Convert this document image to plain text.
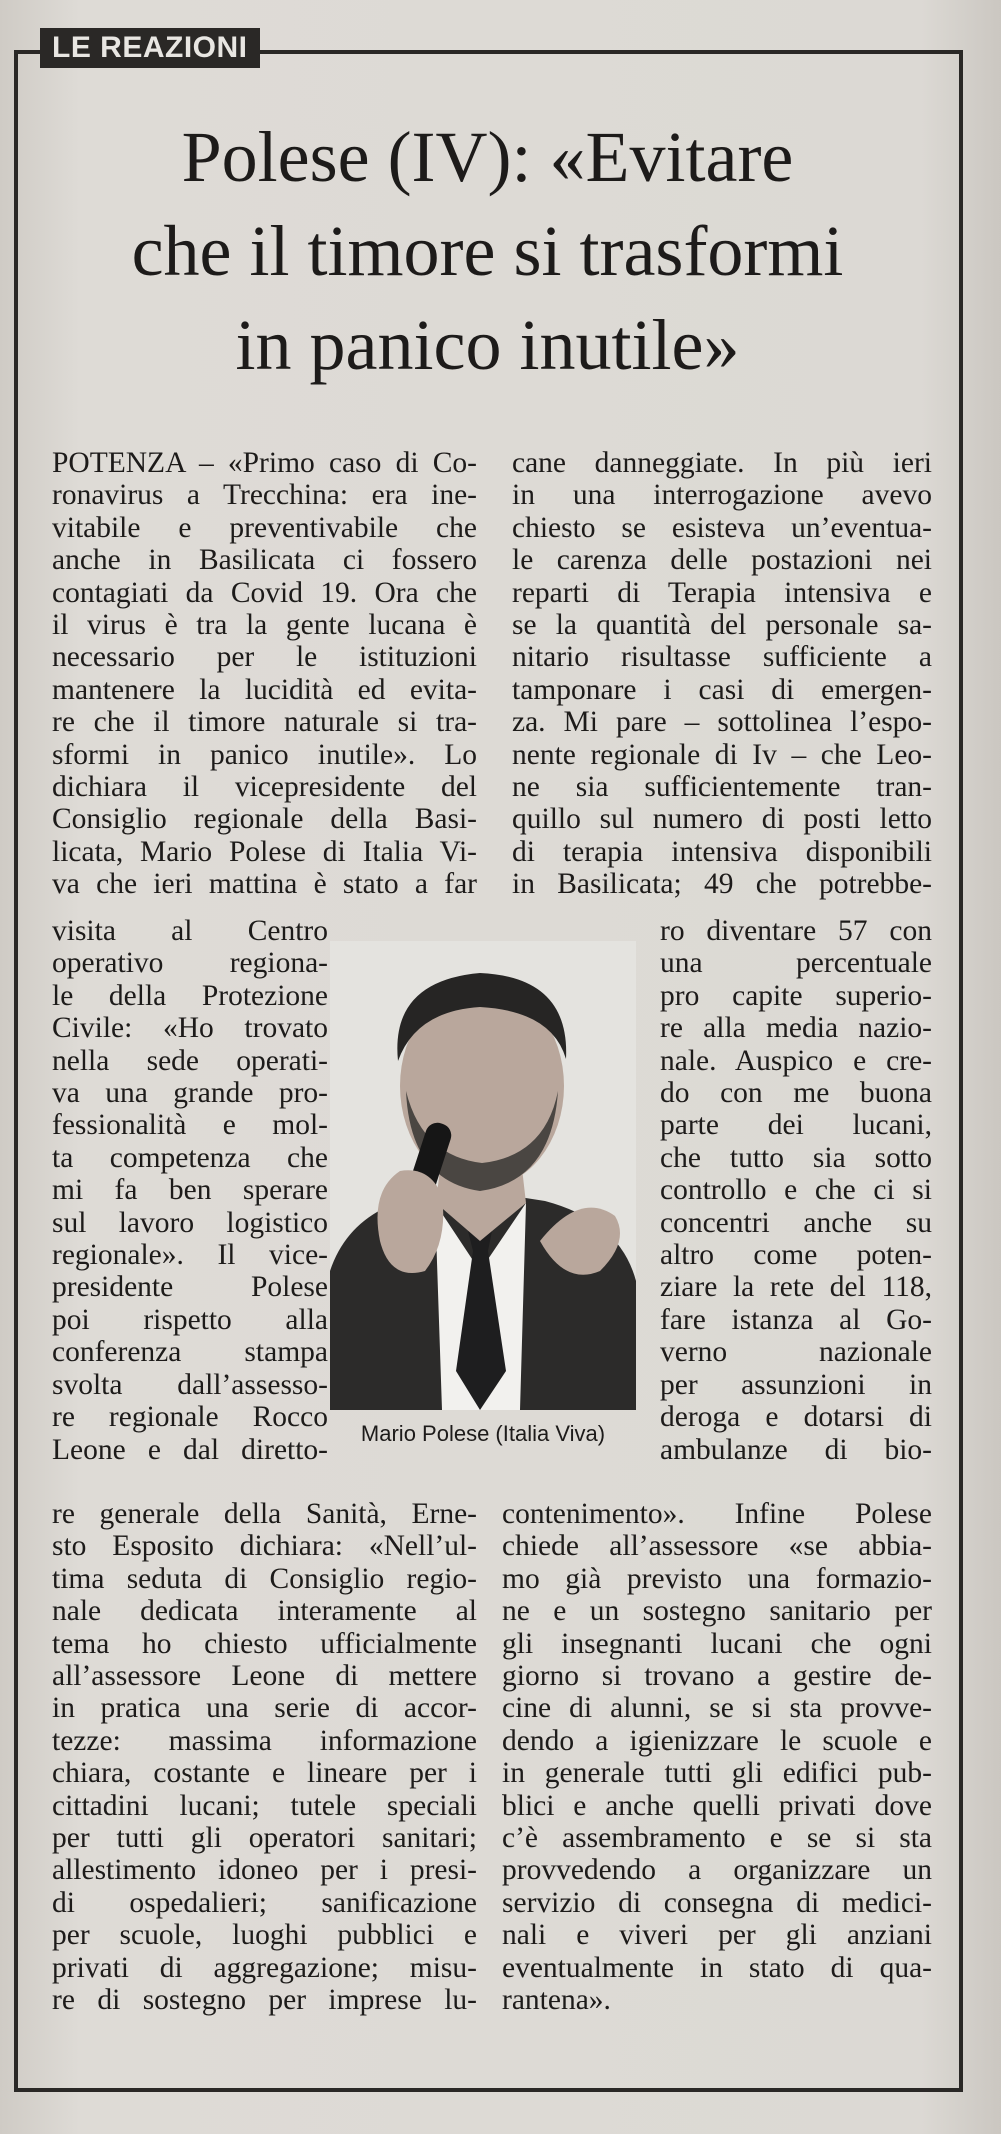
LE REAZIONI
Polese (IV): «Evitare
che il timore si trasformi
in panico inutile»

POTENZA – «Primo caso di Co-

ronavirus a Trecchina: era ine-

vitabile e preventivabile che

anche in Basilicata ci fossero

contagiati da Covid 19. Ora che

il virus è tra la gente lucana è

necessario per le istituzioni

mantenere la lucidità ed evita-

re che il timore naturale si tra-

sformi in panico inutile». Lo

dichiara il vicepresidente del

Consiglio regionale della Basi-

licata, Mario Polese di Italia Vi-

va che ieri mattina è stato a far

visita al Centro

operativo regiona-

le della Protezione

Civile: «Ho trovato

nella sede operati-

va una grande pro-

fessionalità e mol-

ta competenza che

mi fa ben sperare

sul lavoro logistico

regionale». Il vice-

presidente Polese

poi rispetto alla

conferenza stampa

svolta dall’assesso-

re regionale Rocco

Leone e dal diretto-

re generale della Sanità, Erne-

sto Esposito dichiara: «Nell’ul-

tima seduta di Consiglio regio-

nale dedicata interamente al

tema ho chiesto ufficialmente

all’assessore Leone di mettere

in pratica una serie di accor-

tezze: massima informazione

chiara, costante e lineare per i

cittadini lucani; tutele speciali

per tutti gli operatori sanitari;

allestimento idoneo per i presi-

di ospedalieri; sanificazione

per scuole, luoghi pubblici e

privati di aggregazione; misu-

re di sostegno per imprese lu-

cane danneggiate. In più ieri

in una interrogazione avevo

chiesto se esisteva un’eventua-

le carenza delle postazioni nei

reparti di Terapia intensiva e

se la quantità del personale sa-

nitario risultasse sufficiente a

tamponare i casi di emergen-

za. Mi pare – sottolinea l’espo-

nente regionale di Iv – che Leo-

ne sia sufficientemente tran-

quillo sul numero di posti letto

di terapia intensiva disponibili

in Basilicata; 49 che potrebbe-

ro diventare 57 con

una percentuale

pro capite superio-

re alla media nazio-

nale. Auspico e cre-

do con me buona

parte dei lucani,

che tutto sia sotto

controllo e che ci si

concentri anche su

altro come poten-

ziare la rete del 118,

fare istanza al Go-

verno nazionale

per assunzioni in

deroga e dotarsi di

ambulanze di bio-

contenimento». Infine Polese

chiede all’assessore «se abbia-

mo già previsto una formazio-

ne e un sostegno sanitario per

gli insegnanti lucani che ogni

giorno si trovano a gestire de-

cine di alunni, se si sta provve-

dendo a igienizzare le scuole e

in generale tutti gli edifici pub-

blici e anche quelli privati dove

c’è assembramento e se si sta

provvedendo a organizzare un

servizio di consegna di medici-

nali e viveri per gli anziani

eventualmente in stato di qua-

rantena».

Mario Polese (Italia Viva)
